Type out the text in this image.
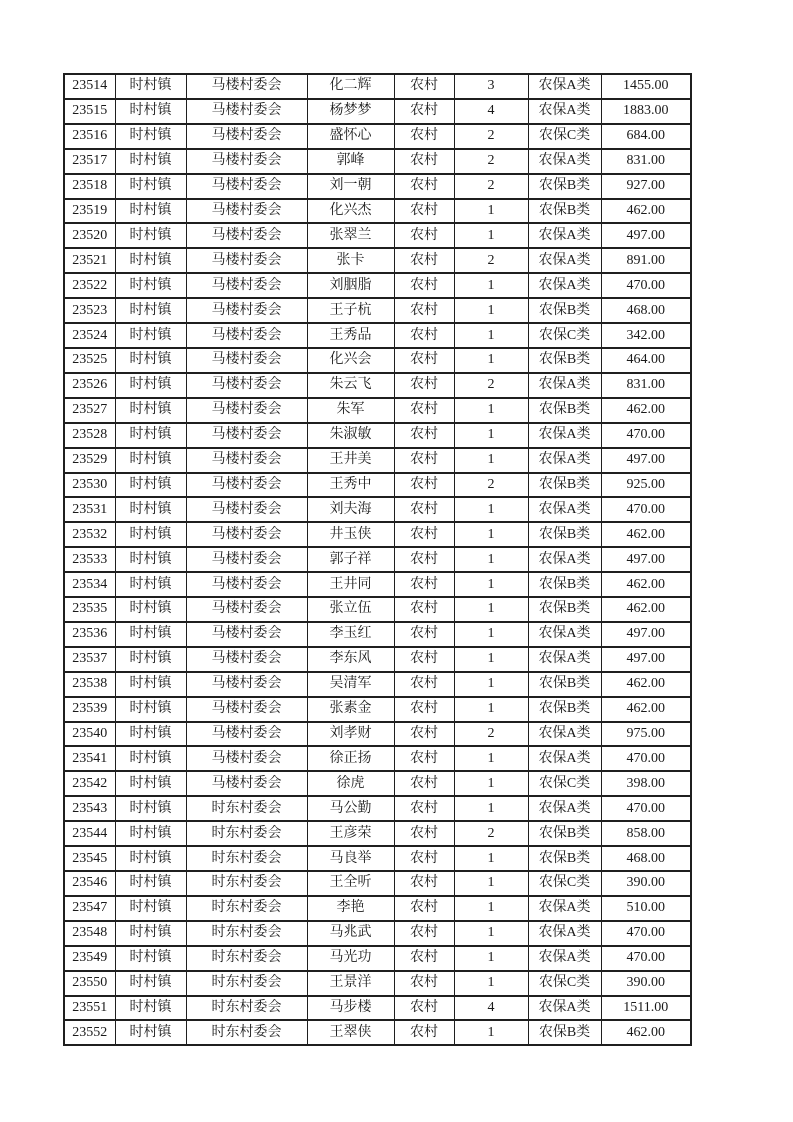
23514	时村镇	马楼村委会	化二辉	农村	3	农保A类	1455.00
23515	时村镇	马楼村委会	杨梦梦	农村	4	农保A类	1883.00
23516	时村镇	马楼村委会	盛怀心	农村	2	农保C类	684.00
23517	时村镇	马楼村委会	郭峰	农村	2	农保A类	831.00
23518	时村镇	马楼村委会	刘一朝	农村	2	农保B类	927.00
23519	时村镇	马楼村委会	化兴杰	农村	1	农保B类	462.00
23520	时村镇	马楼村委会	张翠兰	农村	1	农保A类	497.00
23521	时村镇	马楼村委会	张卡	农村	2	农保A类	891.00
23522	时村镇	马楼村委会	刘胭脂	农村	1	农保A类	470.00
23523	时村镇	马楼村委会	王子杭	农村	1	农保B类	468.00
23524	时村镇	马楼村委会	王秀品	农村	1	农保C类	342.00
23525	时村镇	马楼村委会	化兴会	农村	1	农保B类	464.00
23526	时村镇	马楼村委会	朱云飞	农村	2	农保A类	831.00
23527	时村镇	马楼村委会	朱军	农村	1	农保B类	462.00
23528	时村镇	马楼村委会	朱淑敏	农村	1	农保A类	470.00
23529	时村镇	马楼村委会	王井美	农村	1	农保A类	497.00
23530	时村镇	马楼村委会	王秀中	农村	2	农保B类	925.00
23531	时村镇	马楼村委会	刘夫海	农村	1	农保A类	470.00
23532	时村镇	马楼村委会	井玉侠	农村	1	农保B类	462.00
23533	时村镇	马楼村委会	郭子祥	农村	1	农保A类	497.00
23534	时村镇	马楼村委会	王井同	农村	1	农保B类	462.00
23535	时村镇	马楼村委会	张立伍	农村	1	农保B类	462.00
23536	时村镇	马楼村委会	李玉红	农村	1	农保A类	497.00
23537	时村镇	马楼村委会	李东风	农村	1	农保A类	497.00
23538	时村镇	马楼村委会	吴清军	农村	1	农保B类	462.00
23539	时村镇	马楼村委会	张素金	农村	1	农保B类	462.00
23540	时村镇	马楼村委会	刘孝财	农村	2	农保A类	975.00
23541	时村镇	马楼村委会	徐正扬	农村	1	农保A类	470.00
23542	时村镇	马楼村委会	徐虎	农村	1	农保C类	398.00
23543	时村镇	时东村委会	马公勤	农村	1	农保A类	470.00
23544	时村镇	时东村委会	王彦荣	农村	2	农保B类	858.00
23545	时村镇	时东村委会	马良举	农村	1	农保B类	468.00
23546	时村镇	时东村委会	王全听	农村	1	农保C类	390.00
23547	时村镇	时东村委会	李艳	农村	1	农保A类	510.00
23548	时村镇	时东村委会	马兆武	农村	1	农保A类	470.00
23549	时村镇	时东村委会	马光功	农村	1	农保A类	470.00
23550	时村镇	时东村委会	王景洋	农村	1	农保C类	390.00
23551	时村镇	时东村委会	马步楼	农村	4	农保A类	1511.00
23552	时村镇	时东村委会	王翠侠	农村	1	农保B类	462.00
